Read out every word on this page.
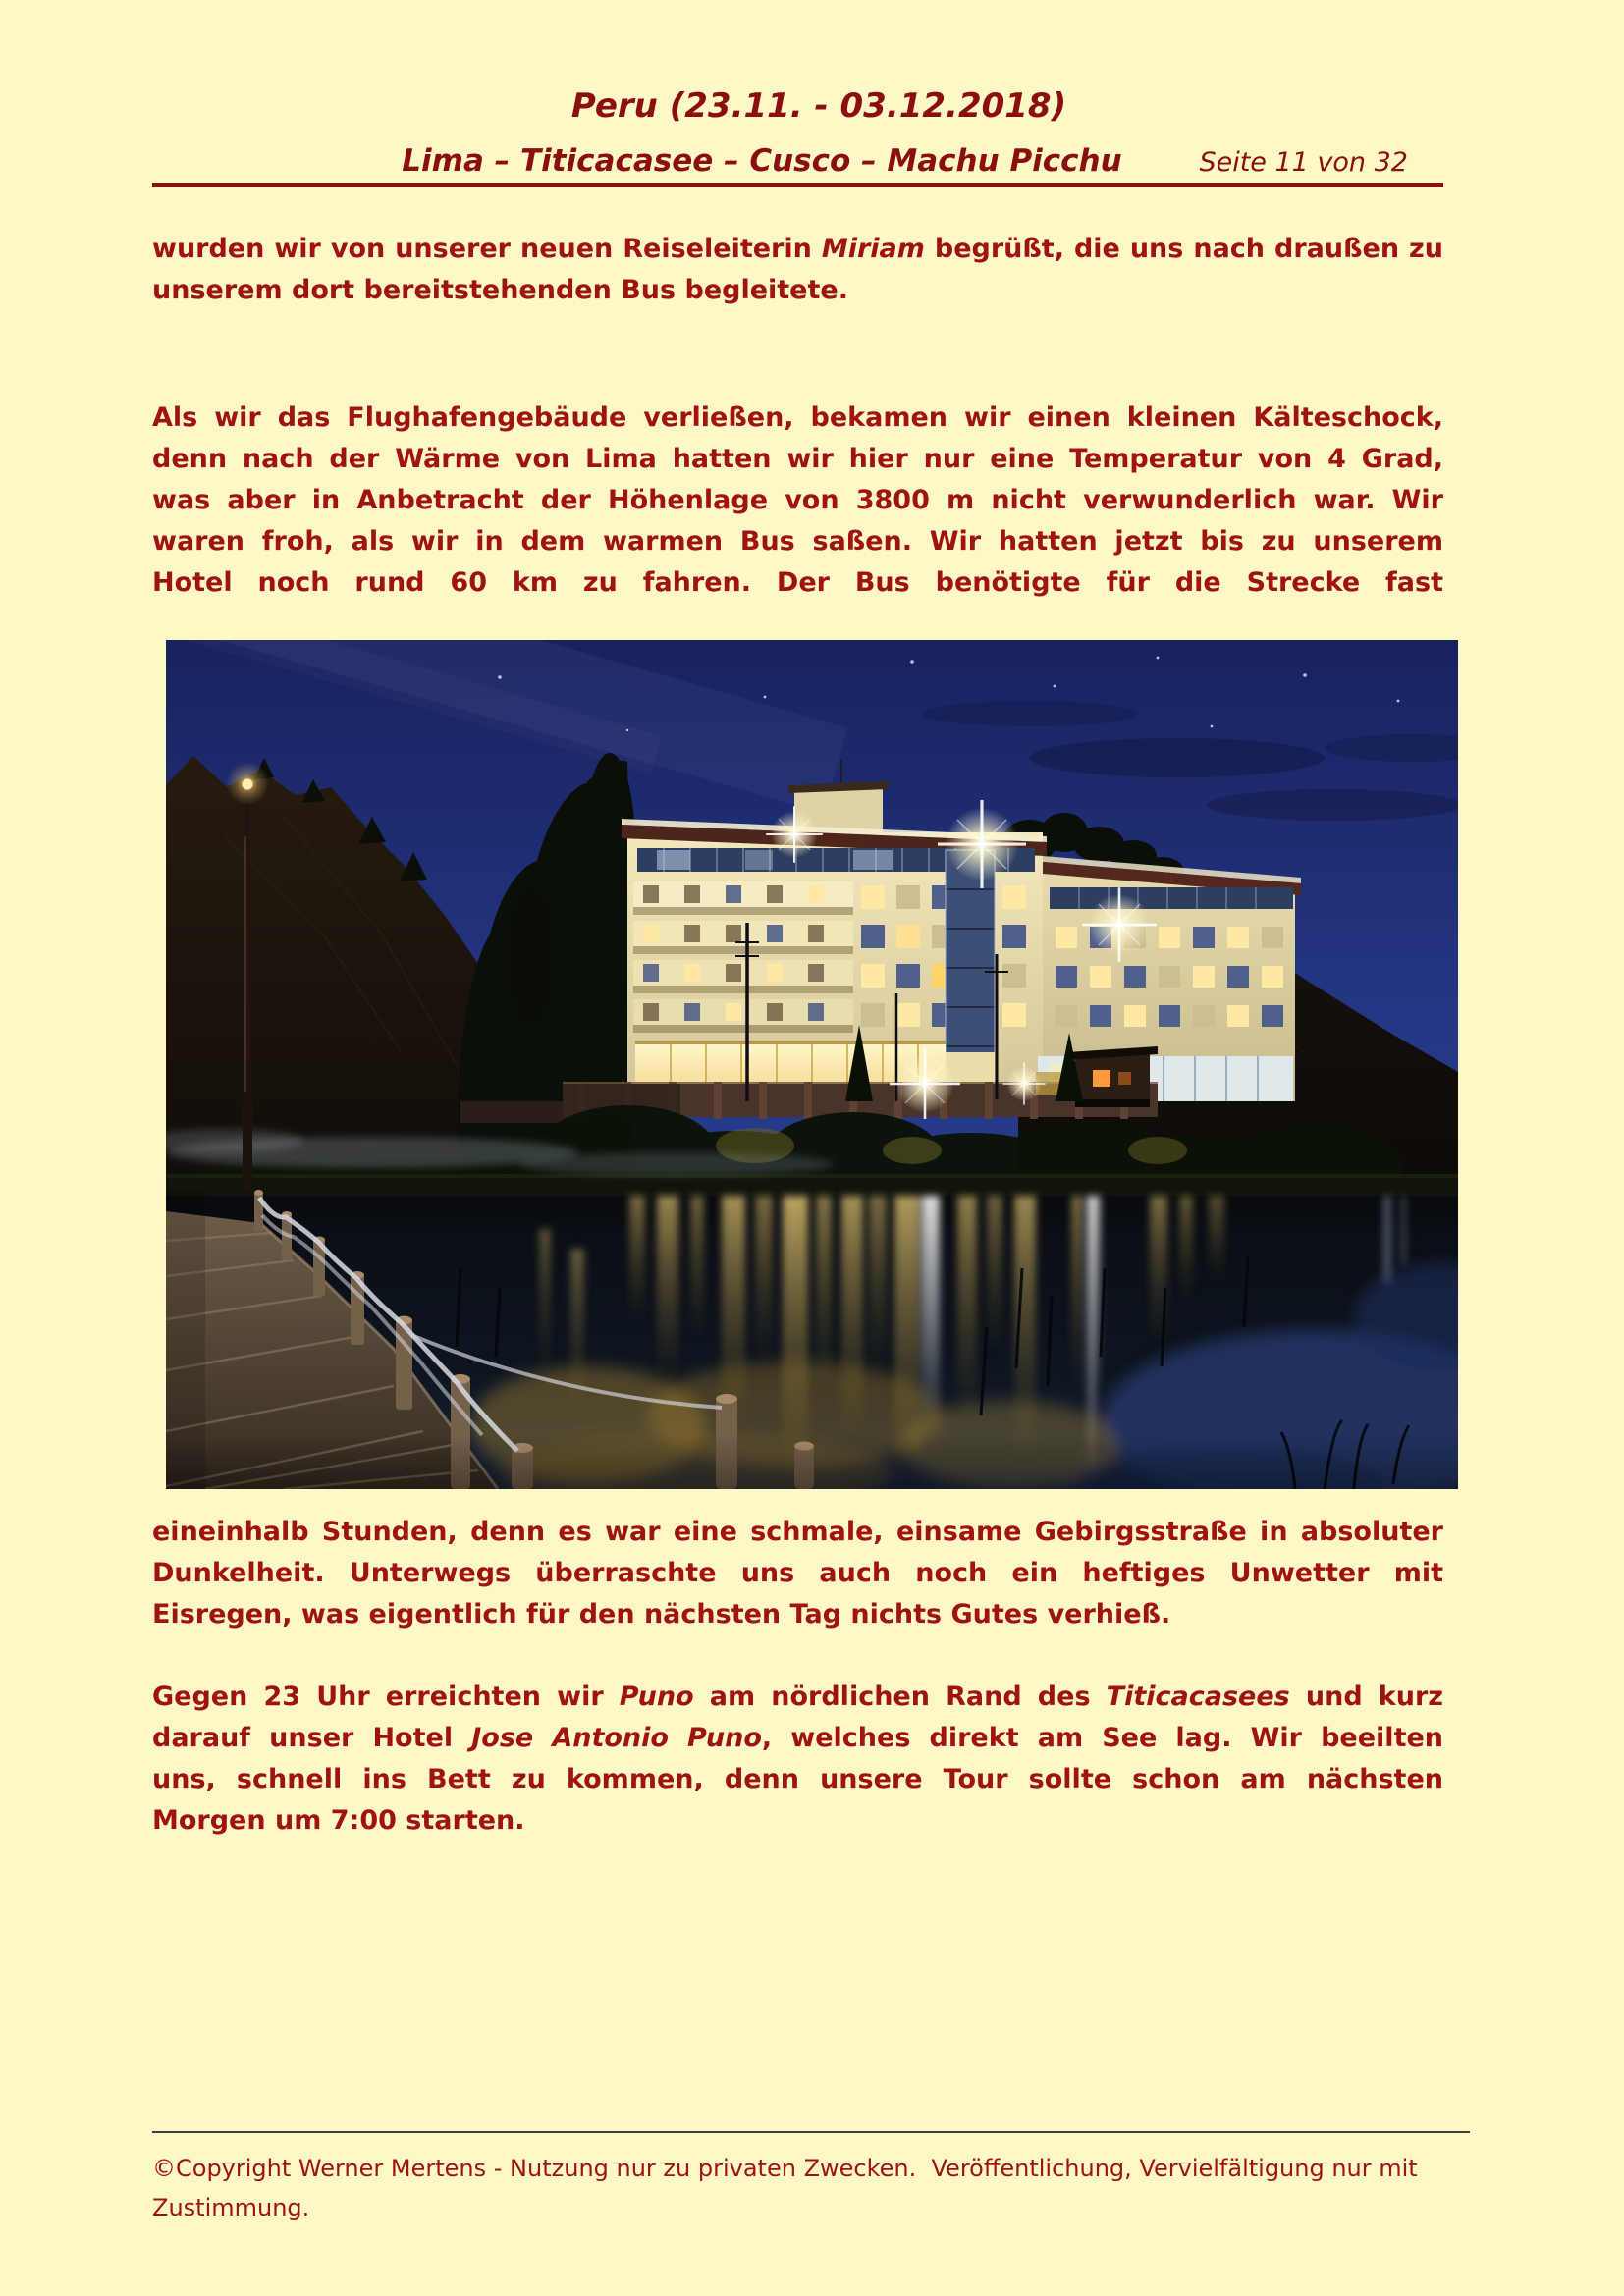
Peru (23.11. - 03.12.2018)
Lima – Titicacasee – Cusco – Machu Picchu	Seite 11 von 32
wurden wir von unserer neuen Reiseleiterin Miriam begrüßt, die uns nach draußen zu
unserem dort bereitstehenden Bus begleitete.
Als wir das Flughafengebäude verließen, bekamen wir einen kleinen Kälteschock,
denn nach der Wärme von Lima hatten wir hier nur eine Temperatur von 4 Grad,
was aber in Anbetracht der Höhenlage von 3800 m nicht verwunderlich war. Wir
waren froh, als wir in dem warmen Bus saßen. Wir hatten jetzt bis zu unserem
Hotel noch rund 60 km zu fahren. Der Bus benötigte für die Strecke fast
eineinhalb Stunden, denn es war eine schmale, einsame Gebirgsstraße in absoluter
Dunkelheit. Unterwegs überraschte uns auch noch ein heftiges Unwetter mit
Eisregen, was eigentlich für den nächsten Tag nichts Gutes verhieß.
Gegen 23 Uhr erreichten wir Puno am nördlichen Rand des Titicacasees und kurz
darauf unser Hotel Jose Antonio Puno, welches direkt am See lag. Wir beeilten
uns, schnell ins Bett zu kommen, denn unsere Tour sollte schon am nächsten
Morgen um 7:00 starten.
©Copyright Werner Mertens - Nutzung nur zu privaten Zwecken.  Veröffentlichung, Vervielfältigung nur mit
Zustimmung.
